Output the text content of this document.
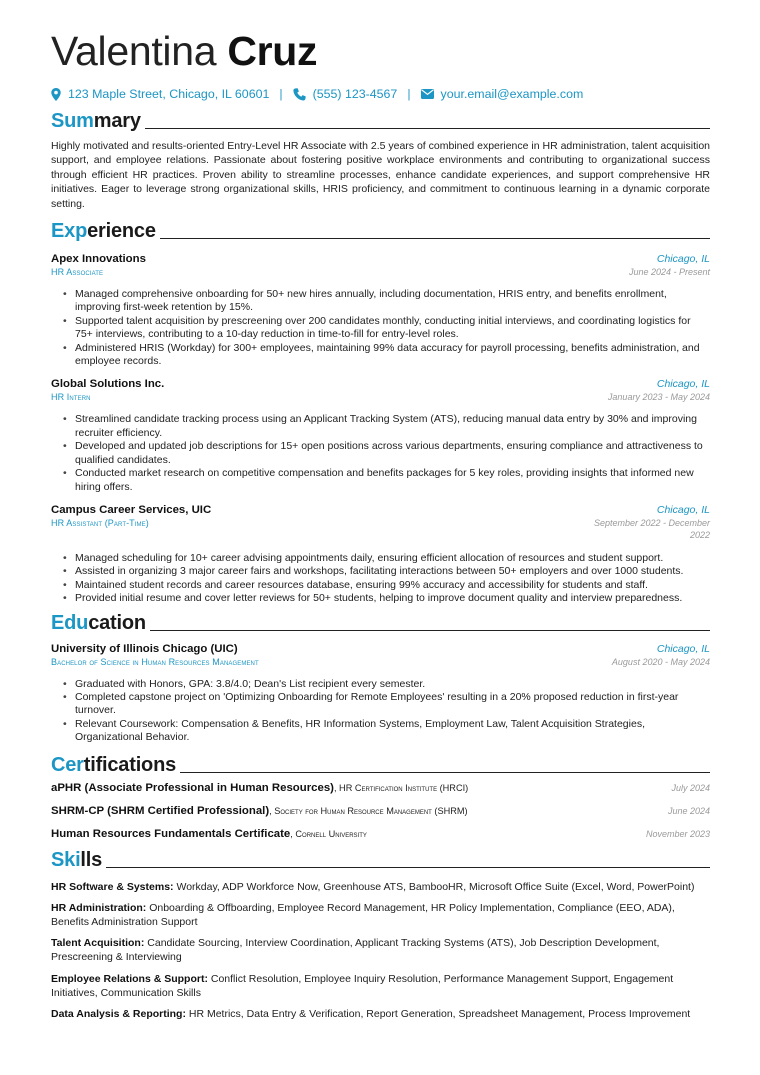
Valentina Cruz
123 Maple Street, Chicago, IL 60601 | (555) 123-4567 | your.email@example.com
Summary

Highly motivated and results-oriented Entry-Level HR Associate with 2.5 years of combined experience in HR administration, talent acquisition support, and employee relations. Passionate about fostering positive workplace environments and contributing to organizational success through efficient HR practices. Proven ability to streamline processes, enhance candidate experiences, and support comprehensive HR initiatives. Eager to leverage strong organizational skills, HRIS proficiency, and commitment to continuous learning in a dynamic corporate setting.

Experience
Apex Innovations	Chicago, IL
HR Associate	June 2024 - Present
• Managed comprehensive onboarding for 50+ new hires annually, including documentation, HRIS entry, and benefits enrollment, improving first-week retention by 15%.
• Supported talent acquisition by prescreening over 200 candidates monthly, conducting initial interviews, and coordinating logistics for 75+ interviews, contributing to a 10-day reduction in time-to-fill for entry-level roles.
• Administered HRIS (Workday) for 300+ employees, maintaining 99% data accuracy for payroll processing, benefits administration, and employee records.
Global Solutions Inc.	Chicago, IL
HR Intern	January 2023 - May 2024
• Streamlined candidate tracking process using an Applicant Tracking System (ATS), reducing manual data entry by 30% and improving recruiter efficiency.
• Developed and updated job descriptions for 15+ open positions across various departments, ensuring compliance and attractiveness to qualified candidates.
• Conducted market research on competitive compensation and benefits packages for 5 key roles, providing insights that informed new hiring offers.
Campus Career Services, UIC	Chicago, IL
HR Assistant (Part-Time)	September 2022 - December 2022
• Managed scheduling for 10+ career advising appointments daily, ensuring efficient allocation of resources and student support.
• Assisted in organizing 3 major career fairs and workshops, facilitating interactions between 50+ employers and over 1000 students.
• Maintained student records and career resources database, ensuring 99% accuracy and accessibility for students and staff.
• Provided initial resume and cover letter reviews for 50+ students, helping to improve document quality and interview preparedness.
Education
University of Illinois Chicago (UIC)	Chicago, IL
Bachelor of Science in Human Resources Management	August 2020 - May 2024
• Graduated with Honors, GPA: 3.8/4.0; Dean's List recipient every semester.
• Completed capstone project on 'Optimizing Onboarding for Remote Employees' resulting in a 20% proposed reduction in first-year turnover.
• Relevant Coursework: Compensation & Benefits, HR Information Systems, Employment Law, Talent Acquisition Strategies, Organizational Behavior.
Certifications
aPHR (Associate Professional in Human Resources), HR Certification Institute (HRCI)	July 2024
SHRM-CP (SHRM Certified Professional), Society for Human Resource Management (SHRM)	June 2024
Human Resources Fundamentals Certificate, Cornell University	November 2023
Skills

HR Software & Systems: Workday, ADP Workforce Now, Greenhouse ATS, BambooHR, Microsoft Office Suite (Excel, Word, PowerPoint)

HR Administration: Onboarding & Offboarding, Employee Record Management, HR Policy Implementation, Compliance (EEO, ADA), Benefits Administration Support

Talent Acquisition: Candidate Sourcing, Interview Coordination, Applicant Tracking Systems (ATS), Job Description Development, Prescreening & Interviewing

Employee Relations & Support: Conflict Resolution, Employee Inquiry Resolution, Performance Management Support, Engagement Initiatives, Communication Skills

Data Analysis & Reporting: HR Metrics, Data Entry & Verification, Report Generation, Spreadsheet Management, Process Improvement
